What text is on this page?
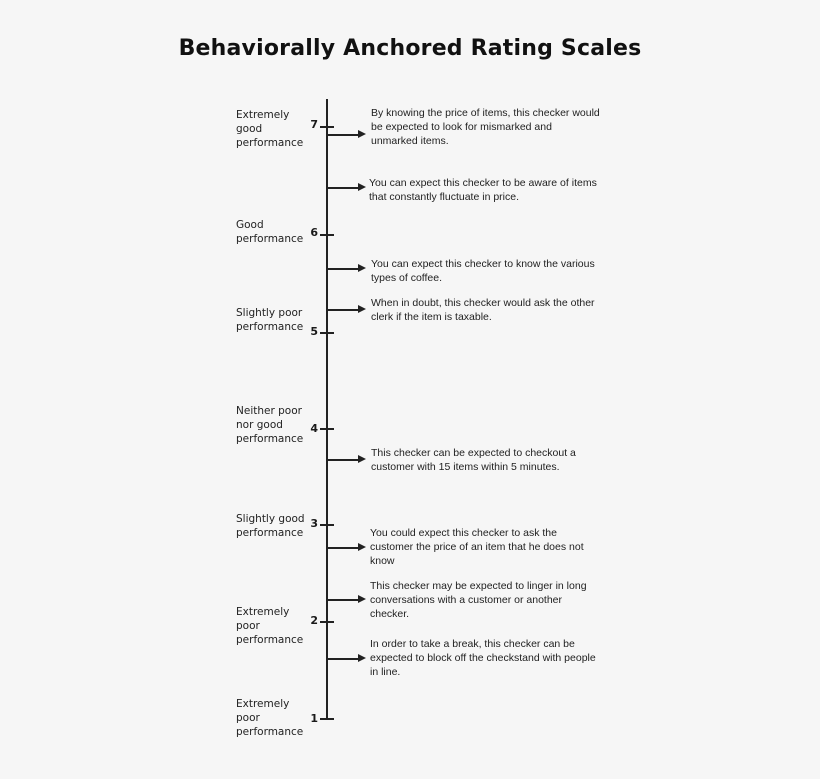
Behaviorally Anchored Rating Scales
Extremely good performance
7
Good performance 6
Slightly poor performance 5
Neither poor nor good performance
4
Slightly good performance
3
Extremely poor performance
2
Extremely poor performance
1
By knowing the price of items, this checker would be expected to look for mismarked and unmarked items.
You can expect this checker to be aware of items that constantly fluctuate in price.
You can expect this checker to know the various types of coffee.
When in doubt, this checker would ask the other clerk if the item is taxable.
This checker can be expected to checkout a customer with 15 items within 5 minutes.
You could expect this checker to ask the customer the price of an item that he does not know
This checker may be expected to linger in long conversations with a customer or another checker.
In order to take a break, this checker can be expected to block off the checkstand with people in line.
